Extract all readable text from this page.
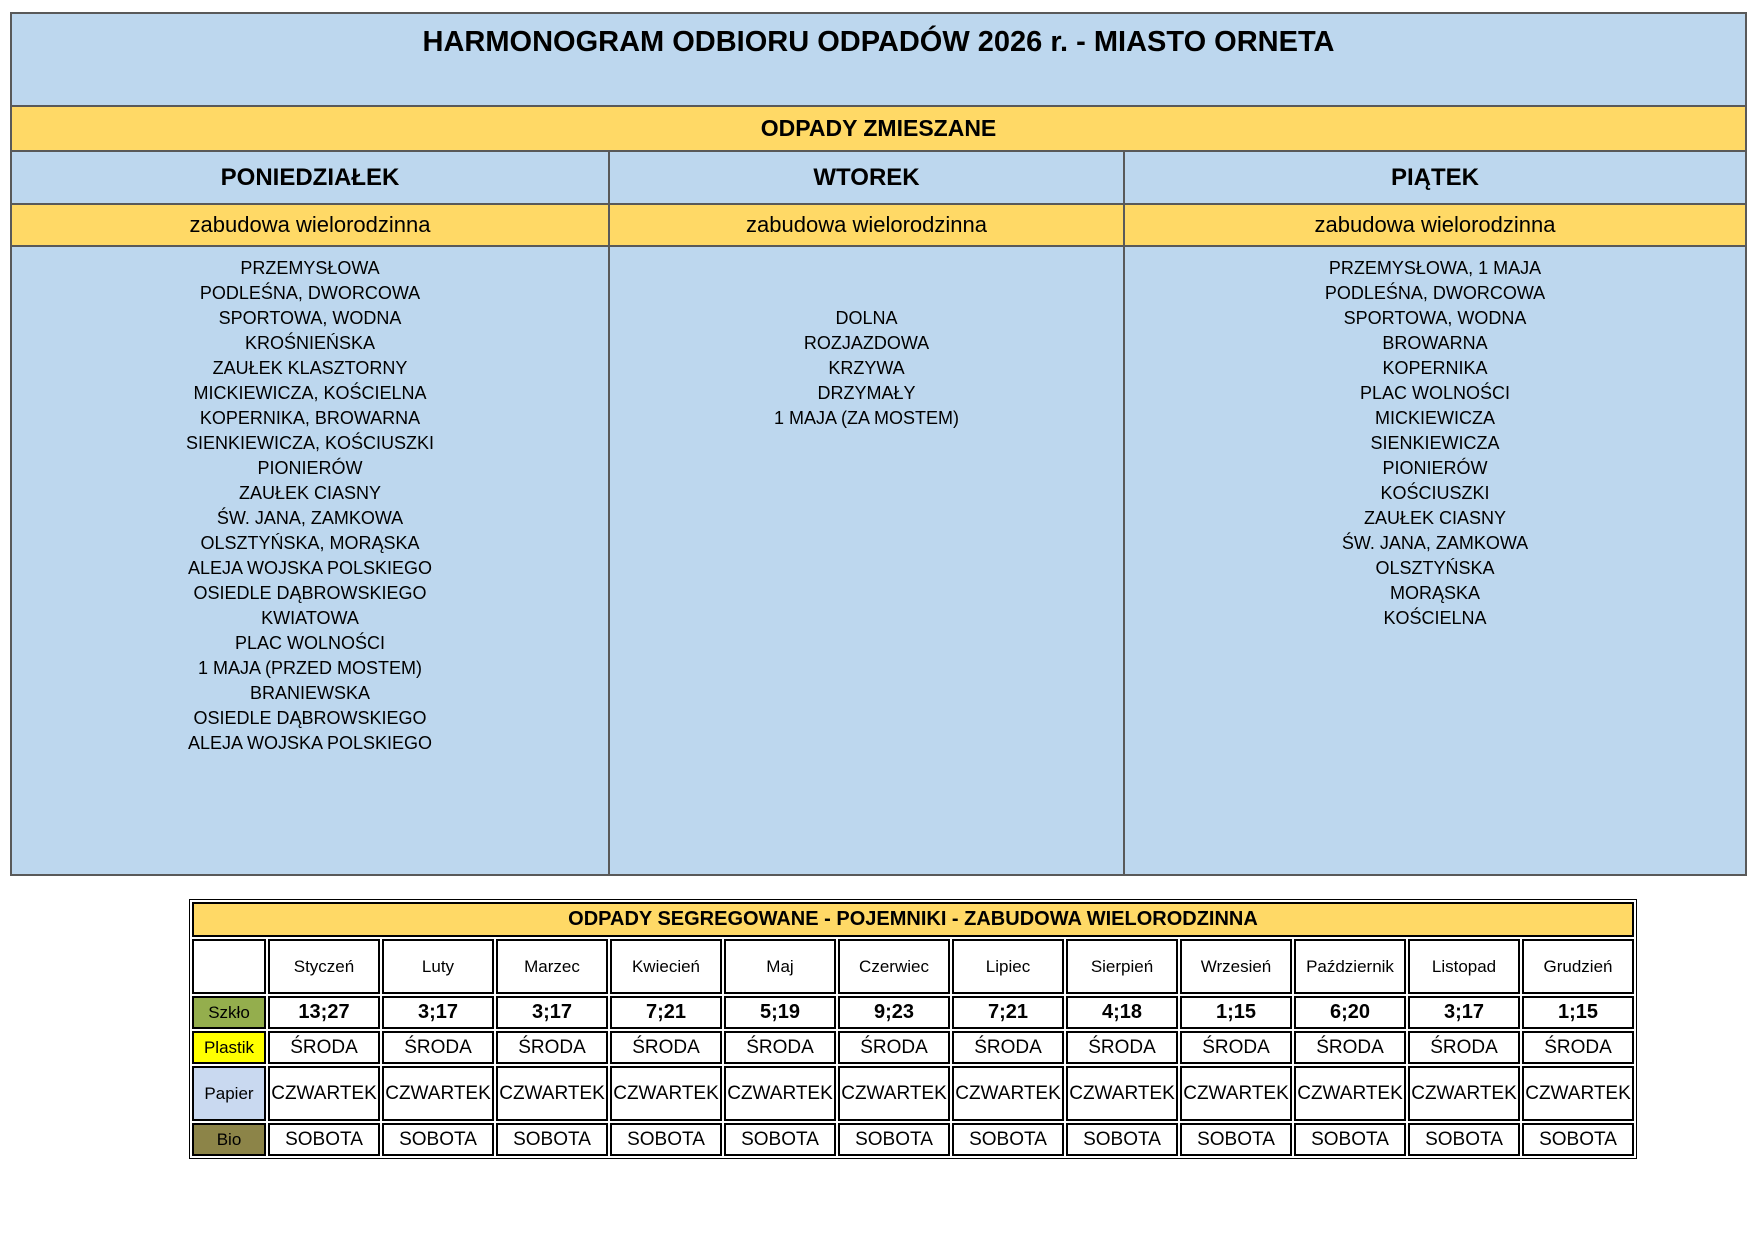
HARMONOGRAM ODBIORU ODPADÓW 2026 r. - MIASTO ORNETA		
ODPADY ZMIESZANE		
PONIEDZIAŁEK	WTOREK	PIĄTEK
zabudowa wielorodzinna	zabudowa wielorodzinna	zabudowa wielorodzinna

PRZEMYSŁOWA
PODLEŚNA, DWORCOWA
SPORTOWA, WODNA
KROŚNIEŃSKA
ZAUŁEK KLASZTORNY
MICKIEWICZA, KOŚCIELNA
KOPERNIKA, BROWARNA
SIENKIEWICZA, KOŚCIUSZKI
PIONIERÓW
ZAUŁEK CIASNY
ŚW. JANA, ZAMKOWA
OLSZTYŃSKA, MORĄSKA
ALEJA WOJSKA POLSKIEGO
OSIEDLE DĄBROWSKIEGO
KWIATOWA
PLAC WOLNOŚCI
1 MAJA (PRZED MOSTEM)
BRANIEWSKA
OSIEDLE DĄBROWSKIEGO
ALEJA WOJSKA POLSKIEGO

DOLNA
ROZJAZDOWA
KRZYWA
DRZYMAŁY
1 MAJA (ZA MOSTEM)

PRZEMYSŁOWA, 1 MAJA
PODLEŚNA, DWORCOWA
SPORTOWA, WODNA
BROWARNA
KOPERNIKA
PLAC WOLNOŚCI
MICKIEWICZA
SIENKIEWICZA
PIONIERÓW
KOŚCIUSZKI
ZAUŁEK CIASNY
ŚW. JANA, ZAMKOWA
OLSZTYŃSKA
MORĄSKA
KOŚCIELNA
ODPADY SEGREGOWANE - POJEMNIKI - ZABUDOWA WIELORODZINNA												
	Styczeń	Luty	Marzec	Kwiecień	Maj	Czerwiec	Lipiec	Sierpień	Wrzesień	Październik	Listopad	Grudzień
Szkło	13;27	3;17	3;17	7;21	5;19	9;23	7;21	4;18	1;15	6;20	3;17	1;15
Plastik	ŚRODA	ŚRODA	ŚRODA	ŚRODA	ŚRODA	ŚRODA	ŚRODA	ŚRODA	ŚRODA	ŚRODA	ŚRODA	ŚRODA
Papier	CZWARTEK	CZWARTEK	CZWARTEK	CZWARTEK	CZWARTEK	CZWARTEK	CZWARTEK	CZWARTEK	CZWARTEK	CZWARTEK	CZWARTEK	CZWARTEK
Bio	SOBOTA	SOBOTA	SOBOTA	SOBOTA	SOBOTA	SOBOTA	SOBOTA	SOBOTA	SOBOTA	SOBOTA	SOBOTA	SOBOTA
